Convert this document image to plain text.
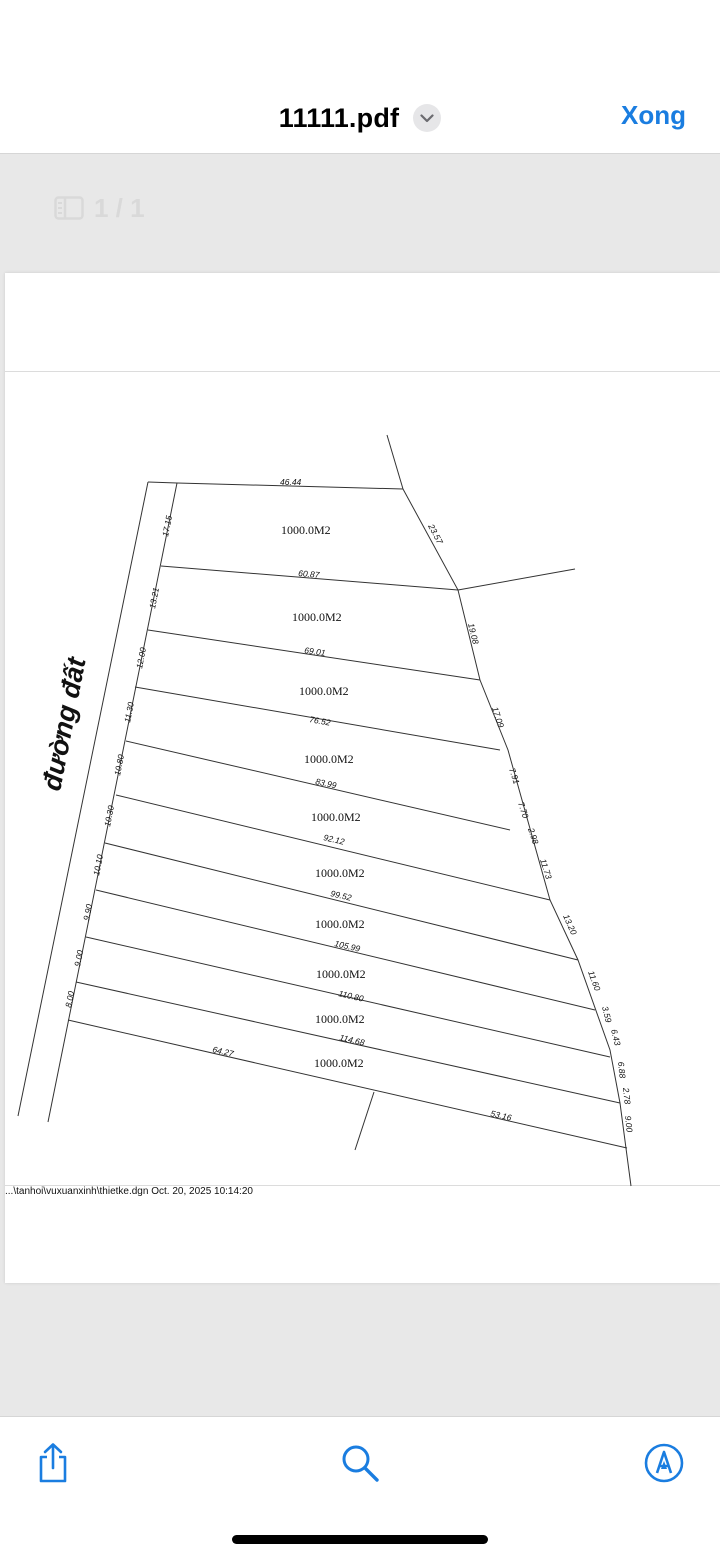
11111.pdf	Xong
1 / 1
...\tanhoi\vuxuanxinh\thietke.dgn Oct. 20, 2025 10:14:20
đường đất
1000.0M2
1000.0M2
1000.0M2
1000.0M2
1000.0M2
1000.0M2
1000.0M2
1000.0M2
1000.0M2
1000.0M2
46.44
60.87
69.01
76.52
83.99
92.12
99.52
105.99
110.80
114.68
64.27
53.16
17.15
13.21
12.00
11.30
10.80
10.30
10.10
9.90
9.00
8.00
23.57
19.08
17.09
7.91
7.70
2.98
11.73
13.20
11.60
3.59
6.43
6.88
2.78
9.00
